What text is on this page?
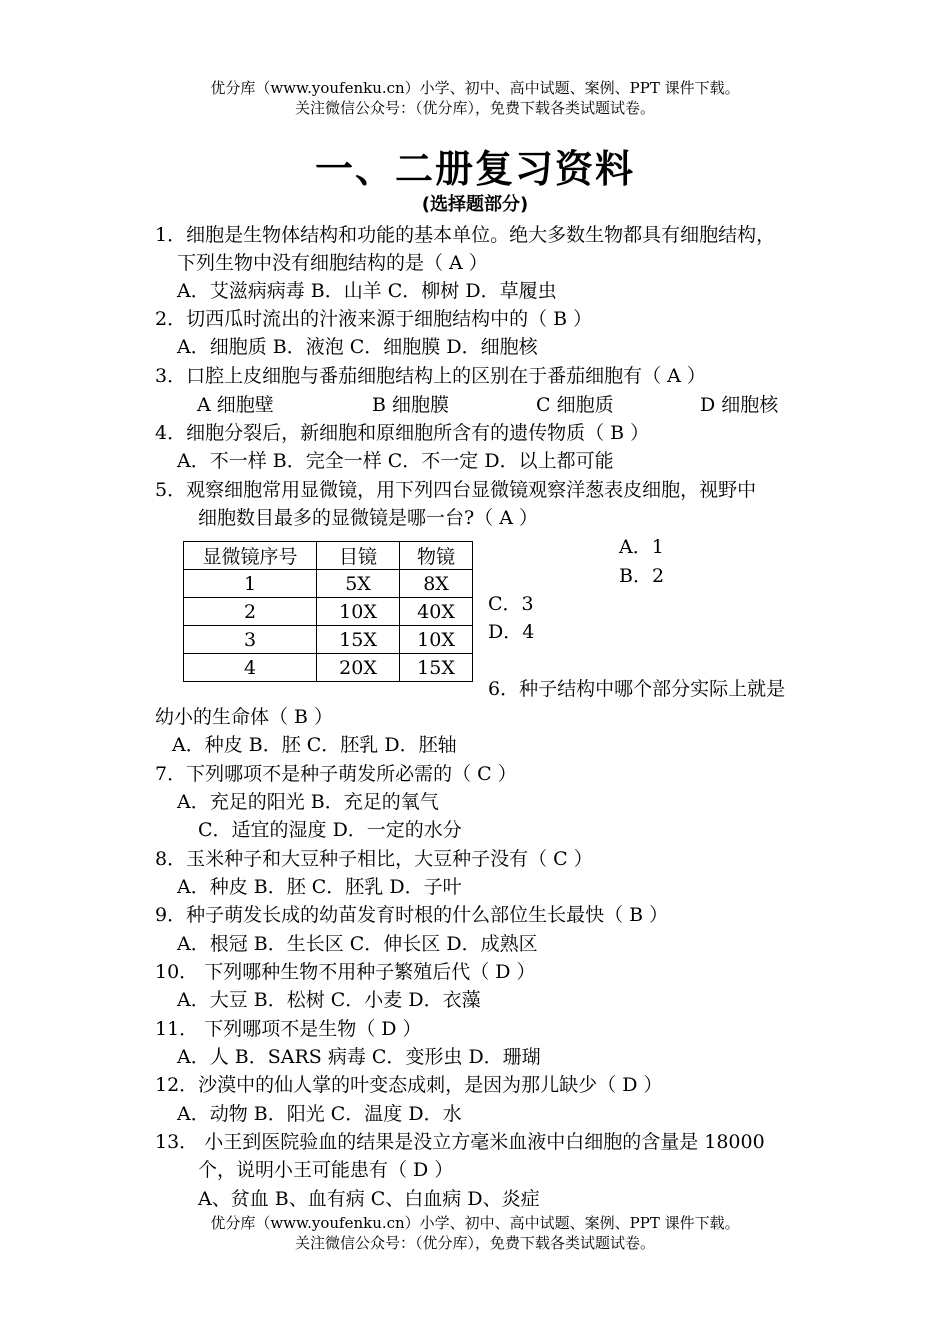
优分库（www.youfenku.cn）小学、初中、高中试题、案例、PPT 课件下载。
关注微信公众号：（优分库），免费下载各类试题试卷。
一、二册复习资料
(选择题部分)
1．细胞是生物体结构和功能的基本单位。绝大多数生物都具有细胞结构，
下列生物中没有细胞结构的是（ A ）
A．艾滋病病毒 B．山羊 C．柳树 D．草履虫
2．切西瓜时流出的汁液来源于细胞结构中的（ B ）
A．细胞质 B．液泡 C．细胞膜 D．细胞核
3．口腔上皮细胞与番茄细胞结构上的区别在于番茄细胞有（ A ）
A 细胞壁	B 细胞膜	C 细胞质	D 细胞核
4．细胞分裂后，新细胞和原细胞所含有的遗传物质（ B ）
A．不一样 B．完全一样 C．不一定 D．以上都可能
5．观察细胞常用显微镜，用下列四台显微镜观察洋葱表皮细胞，视野中
细胞数目最多的显微镜是哪一台?（ A ）
显微镜序号	目镜	物镜
1	5X	8X
2	10X	40X
3	15X	10X
4	20X	15X
A．1
B．2
C．3
D．4
6．种子结构中哪个部分实际上就是
幼小的生命体（ B ）
A．种皮 B．胚 C．胚乳 D．胚轴
7．下列哪项不是种子萌发所必需的（ C ）
A．充足的阳光 B．充足的氧气
C．适宜的湿度 D．一定的水分
8．玉米种子和大豆种子相比，大豆种子没有（ C ）
A．种皮 B．胚 C．胚乳 D．子叶
9．种子萌发长成的幼苗发育时根的什么部位生长最快（ B ）
A．根冠 B．生长区 C．伸长区 D．成熟区
10． 下列哪种生物不用种子繁殖后代（ D ）
A．大豆 B．松树 C．小麦 D．衣藻
11． 下列哪项不是生物（ D ）
A．人 B．SARS 病毒 C．变形虫 D．珊瑚
12．沙漠中的仙人掌的叶变态成刺，是因为那儿缺少（ D ）
A．动物 B．阳光 C．温度 D．水
13． 小王到医院验血的结果是没立方毫米血液中白细胞的含量是 18000
个，说明小王可能患有（ D ）
A、贫血 B、血有病 C、白血病 D、炎症
优分库（www.youfenku.cn）小学、初中、高中试题、案例、PPT 课件下载。
关注微信公众号：（优分库），免费下载各类试题试卷。
